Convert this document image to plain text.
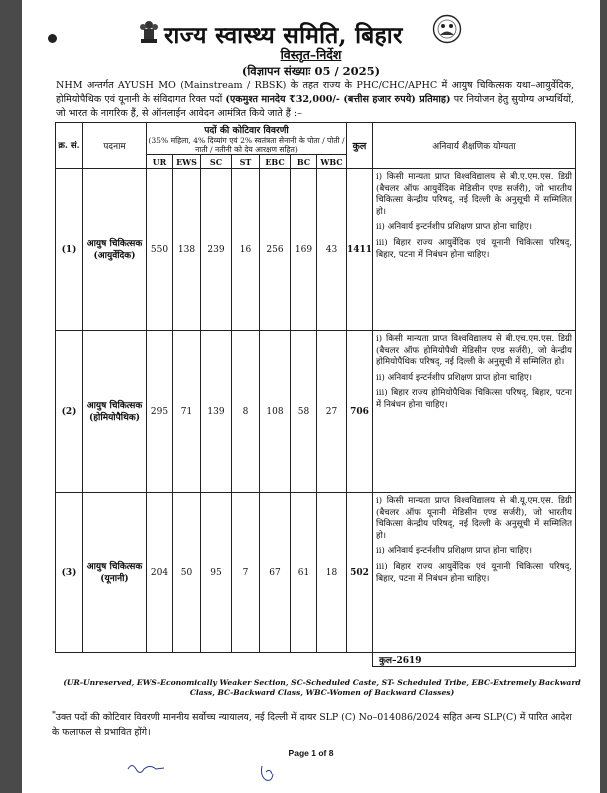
राज्य स्वास्थ्य समिति, बिहार
विस्तृत–निर्देश
(विज्ञापन संख्याः 05 / 2025)
NHM अन्तर्गत AYUSH MO (Mainstream / RBSK) के तहत राज्य के PHC/CHC/APHC में आयुष चिकित्सक यथा–आयुर्वेदिक, होमियोपैथिक एवं यूनानी के संविदागत रिक्त पदों (एकमुश्त मानदेय ₹32,000/- (बत्तीस हजार रुपये) प्रतिमाह) पर नियोजन हेतु सुयोग्य अभ्यर्थियों, जो भारत के नागरिक हैं, से ऑनलाईन आवेदन आमंत्रित किये जाते हैं :–
क्र. सं.	पदनाम	पदों की कोटिवार विवरणी
(35% महिला, 4% दिव्यांग एवं 2% स्वतंत्रता सेनानी के पोता / पोती / नाती / नतीनी को देय आरक्षण सहित)							कुल	अनिवार्य शैक्षणिक योग्यता
		UR	EWS	SC	ST	EBC	BC	WBC		
(1)	आयुष चिकित्सक (आयुर्वेदिक)	550	138	239	16	256	169	43	1411	i) किसी मान्यता प्राप्त विश्वविद्यालय से बी.ए.एम.एस. डिग्री (बैचलर ऑफ आयुर्वेदिक मेडिसीन एण्ड सर्जरी), जो भारतीय चिकित्सा केन्द्रीय परिषद्, नई दिल्ली के अनुसूची में सम्मिलित हो।
ii) अनिवार्य इन्टर्नशीप प्रशिक्षण प्राप्त होना चाहिए।
iii) बिहार राज्य आयुर्वेदिक एवं यूनानी चिकित्सा परिषद्, बिहार, पटना में निबंधन होना चाहिए।

(2)	आयुष चिकित्सक (होमियोपैथिक)	295	71	139	8	108	58	27	706	i) किसी मान्यता प्राप्त विश्वविद्यालय से बी.एच.एम.एस. डिग्री (बैचलर ऑफ होमियोपैथी मेडिसीन एण्ड सर्जरी), जो केन्द्रीय होमियोपैथिक परिषद्, नई दिल्ली के अनुसूची में सम्मिलित हो।
ii) अनिवार्य इन्टर्नशीप प्रशिक्षण प्राप्त होना चाहिए।
iii) बिहार राज्य होमियोपैथिक चिकित्सा परिषद्, बिहार, पटना में निबंधन होना चाहिए।

(3)	आयुष चिकित्सक (यूनानी)	204	50	95	7	67	61	18	502	i) किसी मान्यता प्राप्त विश्वविद्यालय से बी.यू.एम.एस. डिग्री (बैचलर ऑफ यूनानी मेडिसीन एण्ड सर्जरी), जो भारतीय चिकित्सा केन्द्रीय परिषद्, नई दिल्ली के अनुसूची में सम्मिलित हो।
ii) अनिवार्य इन्टर्नशीप प्रशिक्षण प्राप्त होना चाहिए।
iii) बिहार राज्य आयुर्वेदिक एवं यूनानी चिकित्सा परिषद्, बिहार, पटना में निबंधन होना चाहिए।

										कुल–2619
(UR-Unreserved, EWS-Economically Weaker Section, SC-Scheduled Caste, ST- Scheduled Tribe, EBC-Extremely Backward Class, BC-Backward Class, WBC-Women of Backward Classes)
*उक्त पदों की कोटिवार विवरणी माननीय सर्वोच्च न्यायालय, नई दिल्ली में दायर SLP (C) No–014086/2024 सहित अन्य SLP(C) में पारित आदेश के फलाफल से प्रभावित होंगे।
Page 1 of 8
